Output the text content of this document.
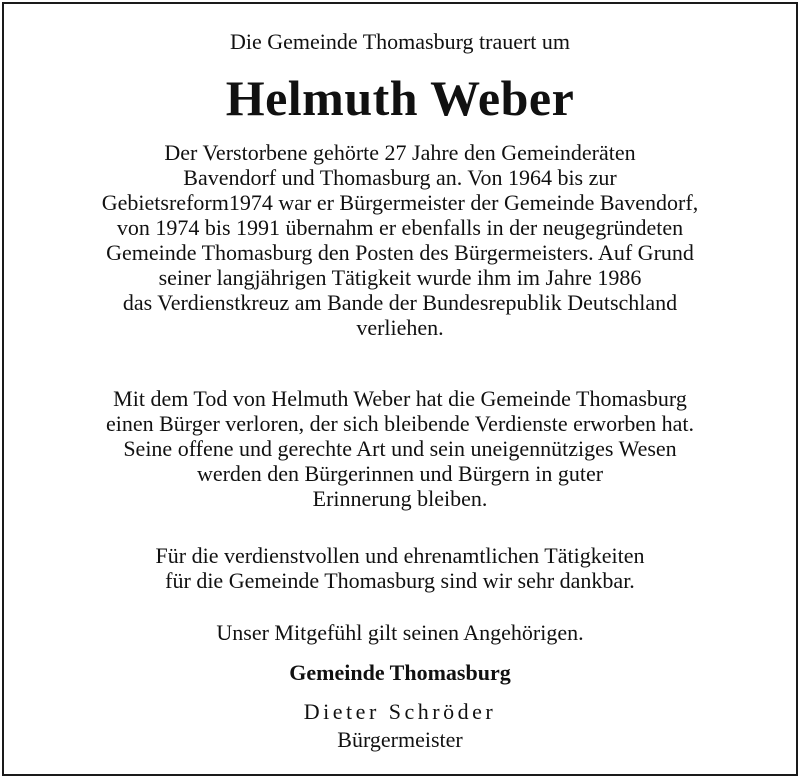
Die Gemeinde Thomasburg trauert um
Helmuth Weber
Der Verstorbene gehörte 27 Jahre den Gemeinderäten
Bavendorf und Thomasburg an. Von 1964 bis zur
Gebietsreform1974 war er Bürgermeister der Gemeinde Bavendorf,
von 1974 bis 1991 übernahm er ebenfalls in der neugegründeten
Gemeinde Thomasburg den Posten des Bürgermeisters. Auf Grund
seiner langjährigen Tätigkeit wurde ihm im Jahre 1986
das Verdienstkreuz am Bande der Bundesrepublik Deutschland
verliehen.
Mit dem Tod von Helmuth Weber hat die Gemeinde Thomasburg
einen Bürger verloren, der sich bleibende Verdienste erworben hat.
Seine offene und gerechte Art und sein uneigennütziges Wesen
werden den Bürgerinnen und Bürgern in guter
Erinnerung bleiben.
Für die verdienstvollen und ehrenamtlichen Tätigkeiten
für die Gemeinde Thomasburg sind wir sehr dankbar.
Unser Mitgefühl gilt seinen Angehörigen.
Gemeinde Thomasburg
Dieter Schröder
Bürgermeister
